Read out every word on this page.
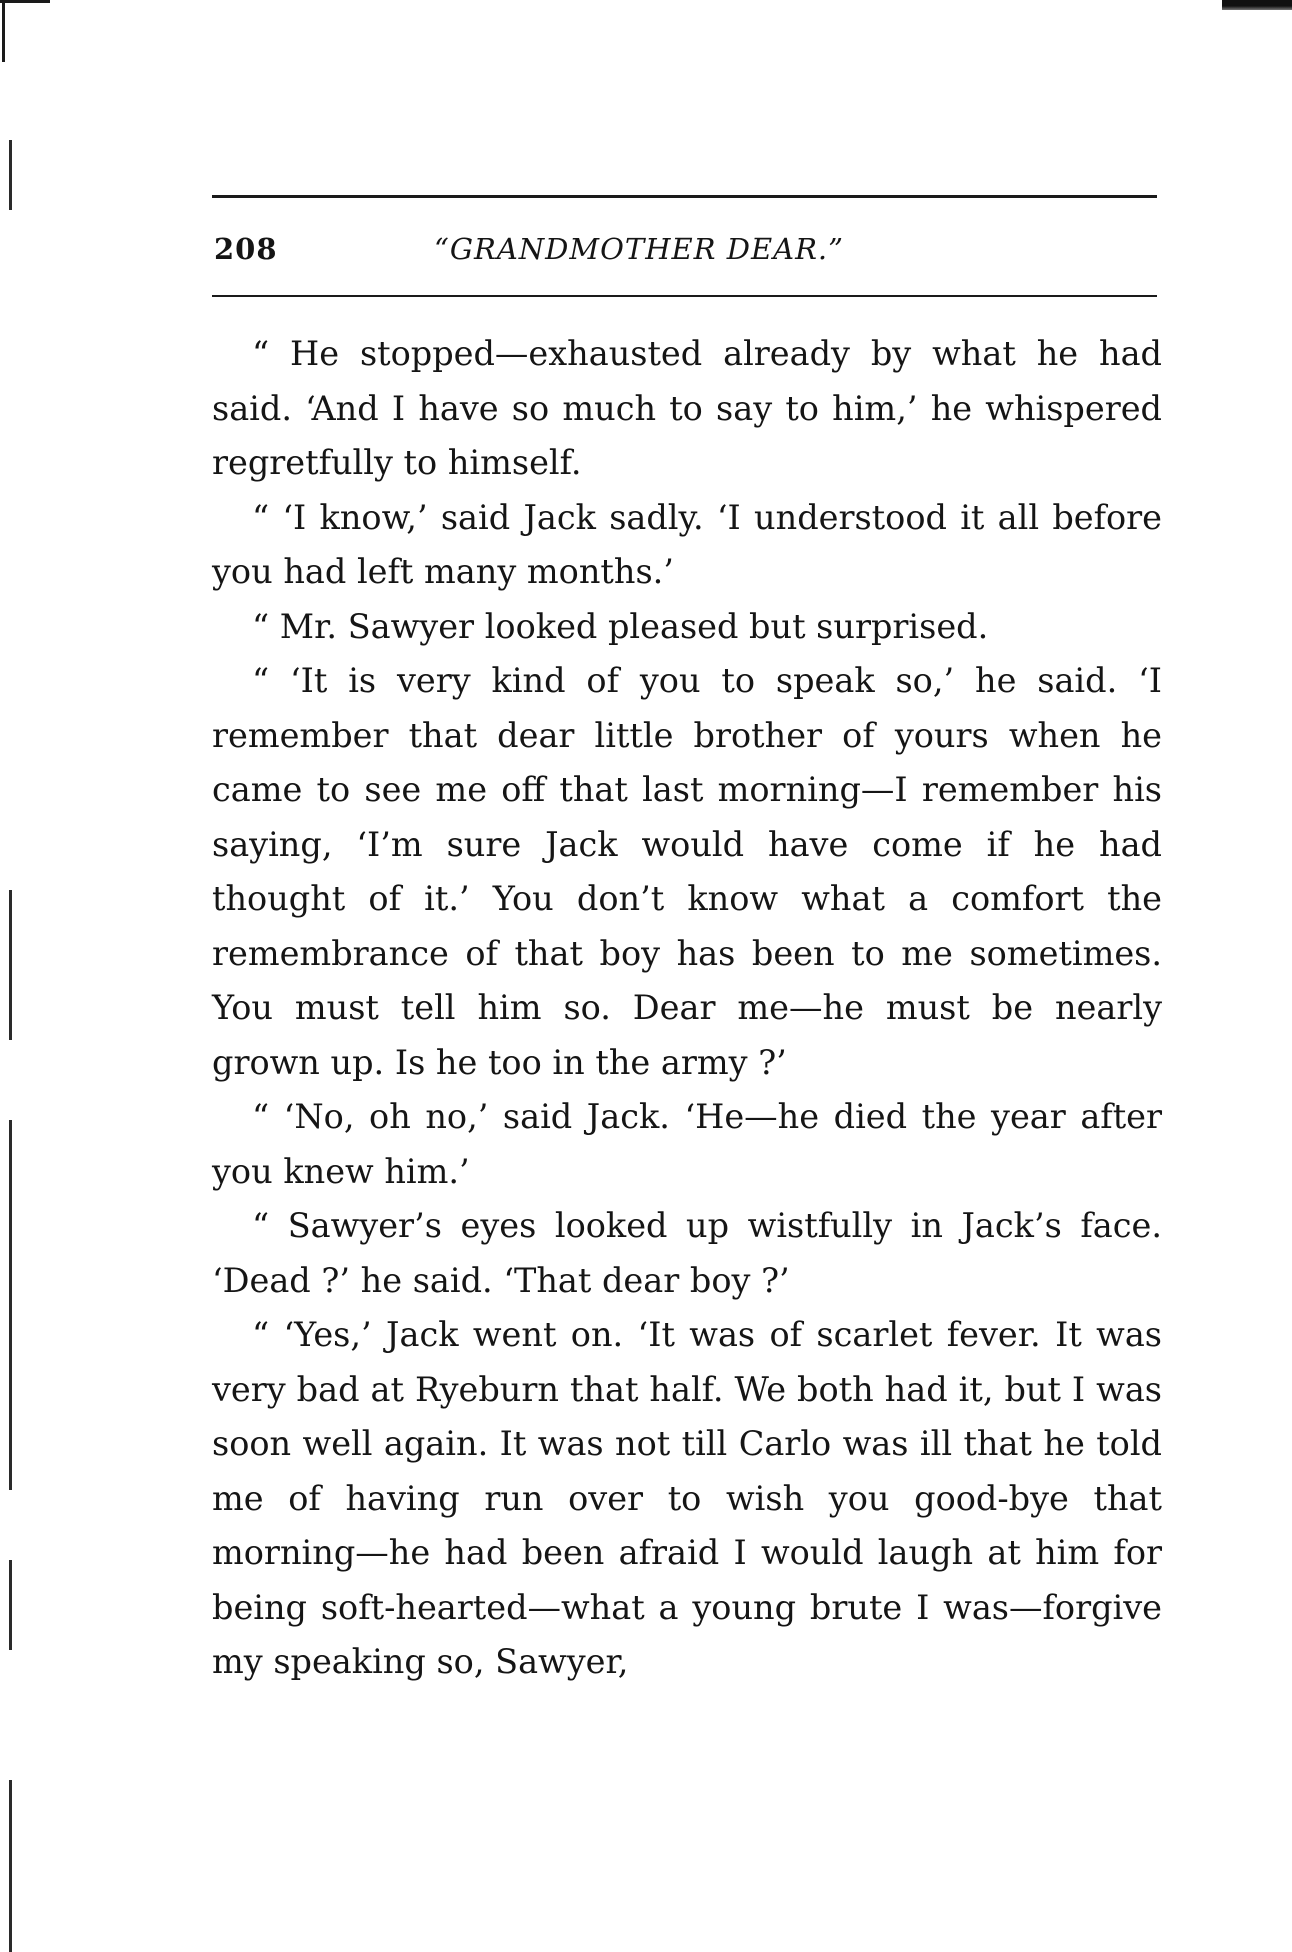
208	“GRANDMOTHER DEAR.”

“ He stopped—exhausted already by what he had said. ‘And I have so much to say to him,’ he whispered regretfully to himself.

“ ‘I know,’ said Jack sadly. ‘I understood it all before you had left many months.’

“ Mr. Sawyer looked pleased but surprised.

“ ‘It is very kind of you to speak so,’ he said. ‘I remember that dear little brother of yours when he came to see me off that last morning—I remember his saying, ‘I’m sure Jack would have come if he had thought of it.’ You don’t know what a comfort the remembrance of that boy has been to me sometimes. You must tell him so. Dear me—he must be nearly grown up. Is he too in the army ?’

“ ‘No, oh no,’ said Jack. ‘He—he died the year after you knew him.’

“ Sawyer’s eyes looked up wistfully in Jack’s face. ‘Dead ?’ he said. ‘That dear boy ?’

“ ‘Yes,’ Jack went on. ‘It was of scarlet fever. It was very bad at Ryeburn that half. We both had it, but I was soon well again. It was not till Carlo was ill that he told me of having run over to wish you good-bye that morning—he had been afraid I would laugh at him for being soft-hearted—what a young brute I was—forgive my speaking so, Sawyer,
